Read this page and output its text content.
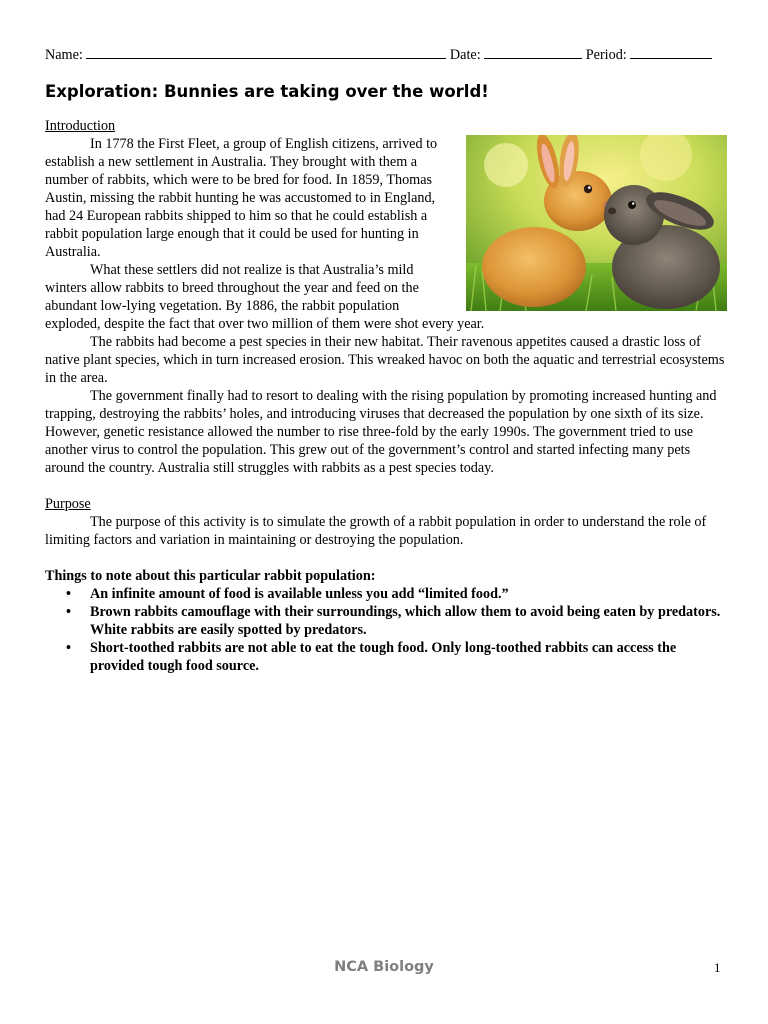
Name:	Date:	Period:
Exploration: Bunnies are taking over the world!
Introduction

In 1778 the First Fleet, a group of English citizens, arrived to establish a new settlement in Australia. They brought with them a number of rabbits, which were to be bred for food. In 1859, Thomas Austin, missing the rabbit hunting he was accustomed to in England, had 24 European rabbits shipped to him so that he could establish a rabbit population large enough that it could be used for hunting in Australia.

What these settlers did not realize is that Australia’s mild winters allow rabbits to breed throughout the year and feed on the abundant low-lying vegetation. By 1886, the rabbit population exploded, despite the fact that over two million of them were shot every year.

The rabbits had become a pest species in their new habitat. Their ravenous appetites caused a drastic loss of native plant species, which in turn increased erosion. This wreaked havoc on both the aquatic and terrestrial ecosystems in the area.

The government finally had to resort to dealing with the rising population by promoting increased hunting and trapping, destroying the rabbits’ holes, and introducing viruses that decreased the population by one sixth of its size. However, genetic resistance allowed the number to rise three-fold by the early 1990s. The government tried to use another virus to control the population. This grew out of the government’s control and started infecting many pets around the country. Australia still struggles with rabbits as a pest species today.

Purpose

The purpose of this activity is to simulate the growth of a rabbit population in order to understand the role of limiting factors and variation in maintaining or destroying the population.

Things to note about this particular rabbit population:
• An infinite amount of food is available unless you add “limited food.”
• Brown rabbits camouflage with their surroundings, which allow them to avoid being eaten by predators. White rabbits are easily spotted by predators.
• Short-toothed rabbits are not able to eat the tough food. Only long-toothed rabbits can access the provided tough food source.
NCA Biology	1
